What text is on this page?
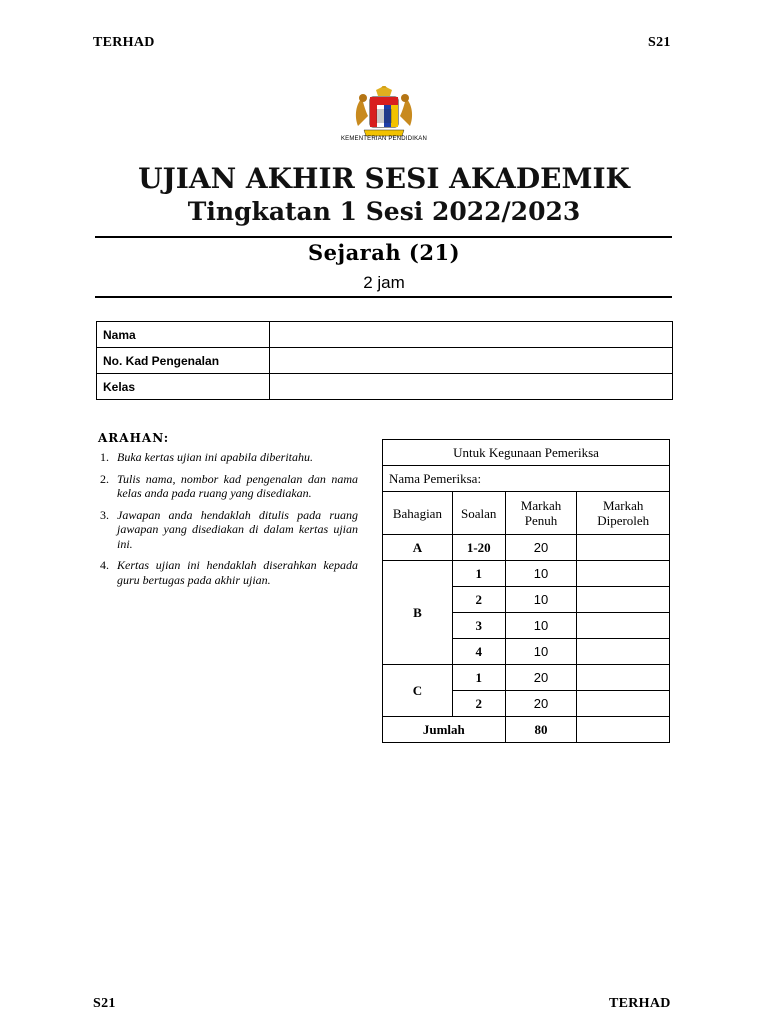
TERHAD	S21
KEMENTERIAN PENDIDIKAN
UJIAN AKHIR SESI AKADEMIK
Tingkatan 1 Sesi 2022/2023
Sejarah (21)
2 jam
Nama	
No. Kad Pengenalan	
Kelas	
ARAHAN:
1. Buka kertas ujian ini apabila diberitahu.
2. Tulis nama, nombor kad pengenalan dan nama kelas anda pada ruang yang disediakan.
3. Jawapan anda hendaklah ditulis pada ruang jawapan yang disediakan di dalam kertas ujian ini.
4. Kertas ujian ini hendaklah diserahkan kepada guru bertugas pada akhir ujian.
Untuk Kegunaan Pemeriksa			
Nama Pemeriksa:			
Bahagian	Soalan	Markah Penuh	Markah Diperoleh
A	1-20	20	
B	1	10	
	2	10	
	3	10	
	4	10	
C	1	20	
	2	20	
Jumlah		80	
S21	TERHAD
